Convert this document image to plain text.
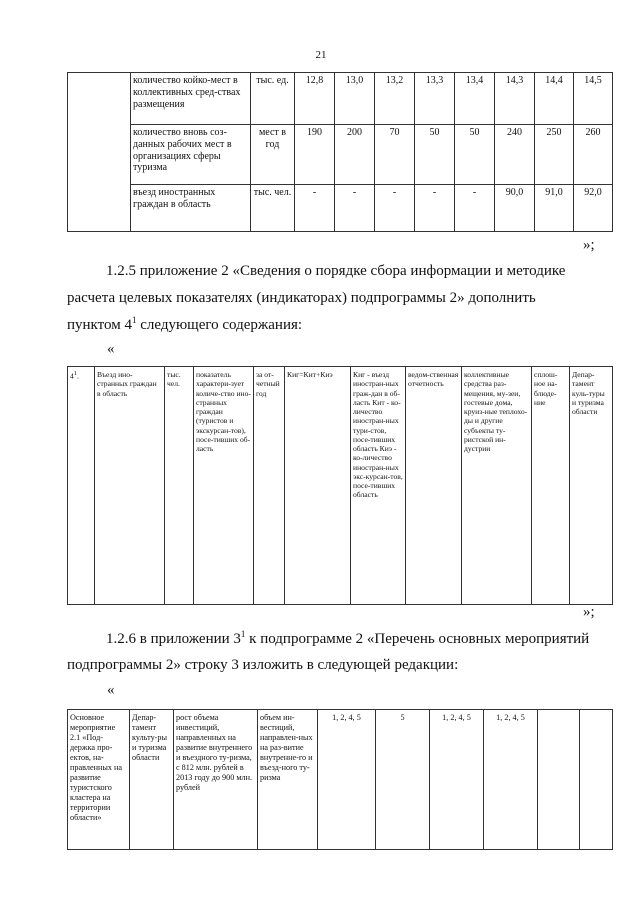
21
	количество койко-мест в коллективных сред-ствах размещения	тыс. ед.	12,8	13,0	13,2	13,3	13,4	14,3	14,4	14,5
	количество вновь соз-данных рабочих мест в организациях сферы туризма	мест в год	190	200	70	50	50	240	250	260
	въезд иностранных граждан в область	тыс. чел.	-	-	-	-	-	90,0	91,0	92,0
»;
1.2.5 приложение 2 «Сведения о порядке сбора информации и методике
расчета целевых показателях (индикаторах) подпрограммы 2» дополнить
пунктом $4^1$ следующего содержания:
«
$4^1$.	Въезд ино-странных граждан в область	тыс. чел.	показатель характери-зует количе-ство ино-странных граждан (туристов и экскурсан-тов), посе-тивших об-ласть	за от-четный год	Киг=Кит+Киэ	Киг - въезд иностран-ных граж-дан в об-ласть Кит - ко-личество иностран-ных тури-стов, посе-тивших область Киэ - ко-личество иностран-ных экс-курсан-тов, посе-тивших область	ведом-ственная отчетность	коллективные средства раз-мещения, му-зеи, гостевые дома, круиз-ные теплохо-ды и другие субъекты ту-ристской ин-дустрии	сплош-ное на-блюде-ние	Депар-тамент куль-туры и туризма области
»;
1.2.6 в приложении $3^1$ к подпрограмме 2 «Перечень основных мероприятий
подпрограммы 2» строку 3 изложить в следующей редакции:
«
Основное мероприятие 2.1 «Под-держка про-ектов, на-правленных на развитие туристского кластера на территории области»	Депар-тамент культу-ры и туризма области	рост объема инвестиций, направленных на развитие внутреннего и въездного ту-ризма, с 812 млн. рублей в 2013 году до 900 млн. рублей	объем ин-вестиций, направлен-ных на раз-витие внутренне-го и въезд-ного ту-ризма	1, 2, 4, 5	5	1, 2, 4, 5	1, 2, 4, 5		
